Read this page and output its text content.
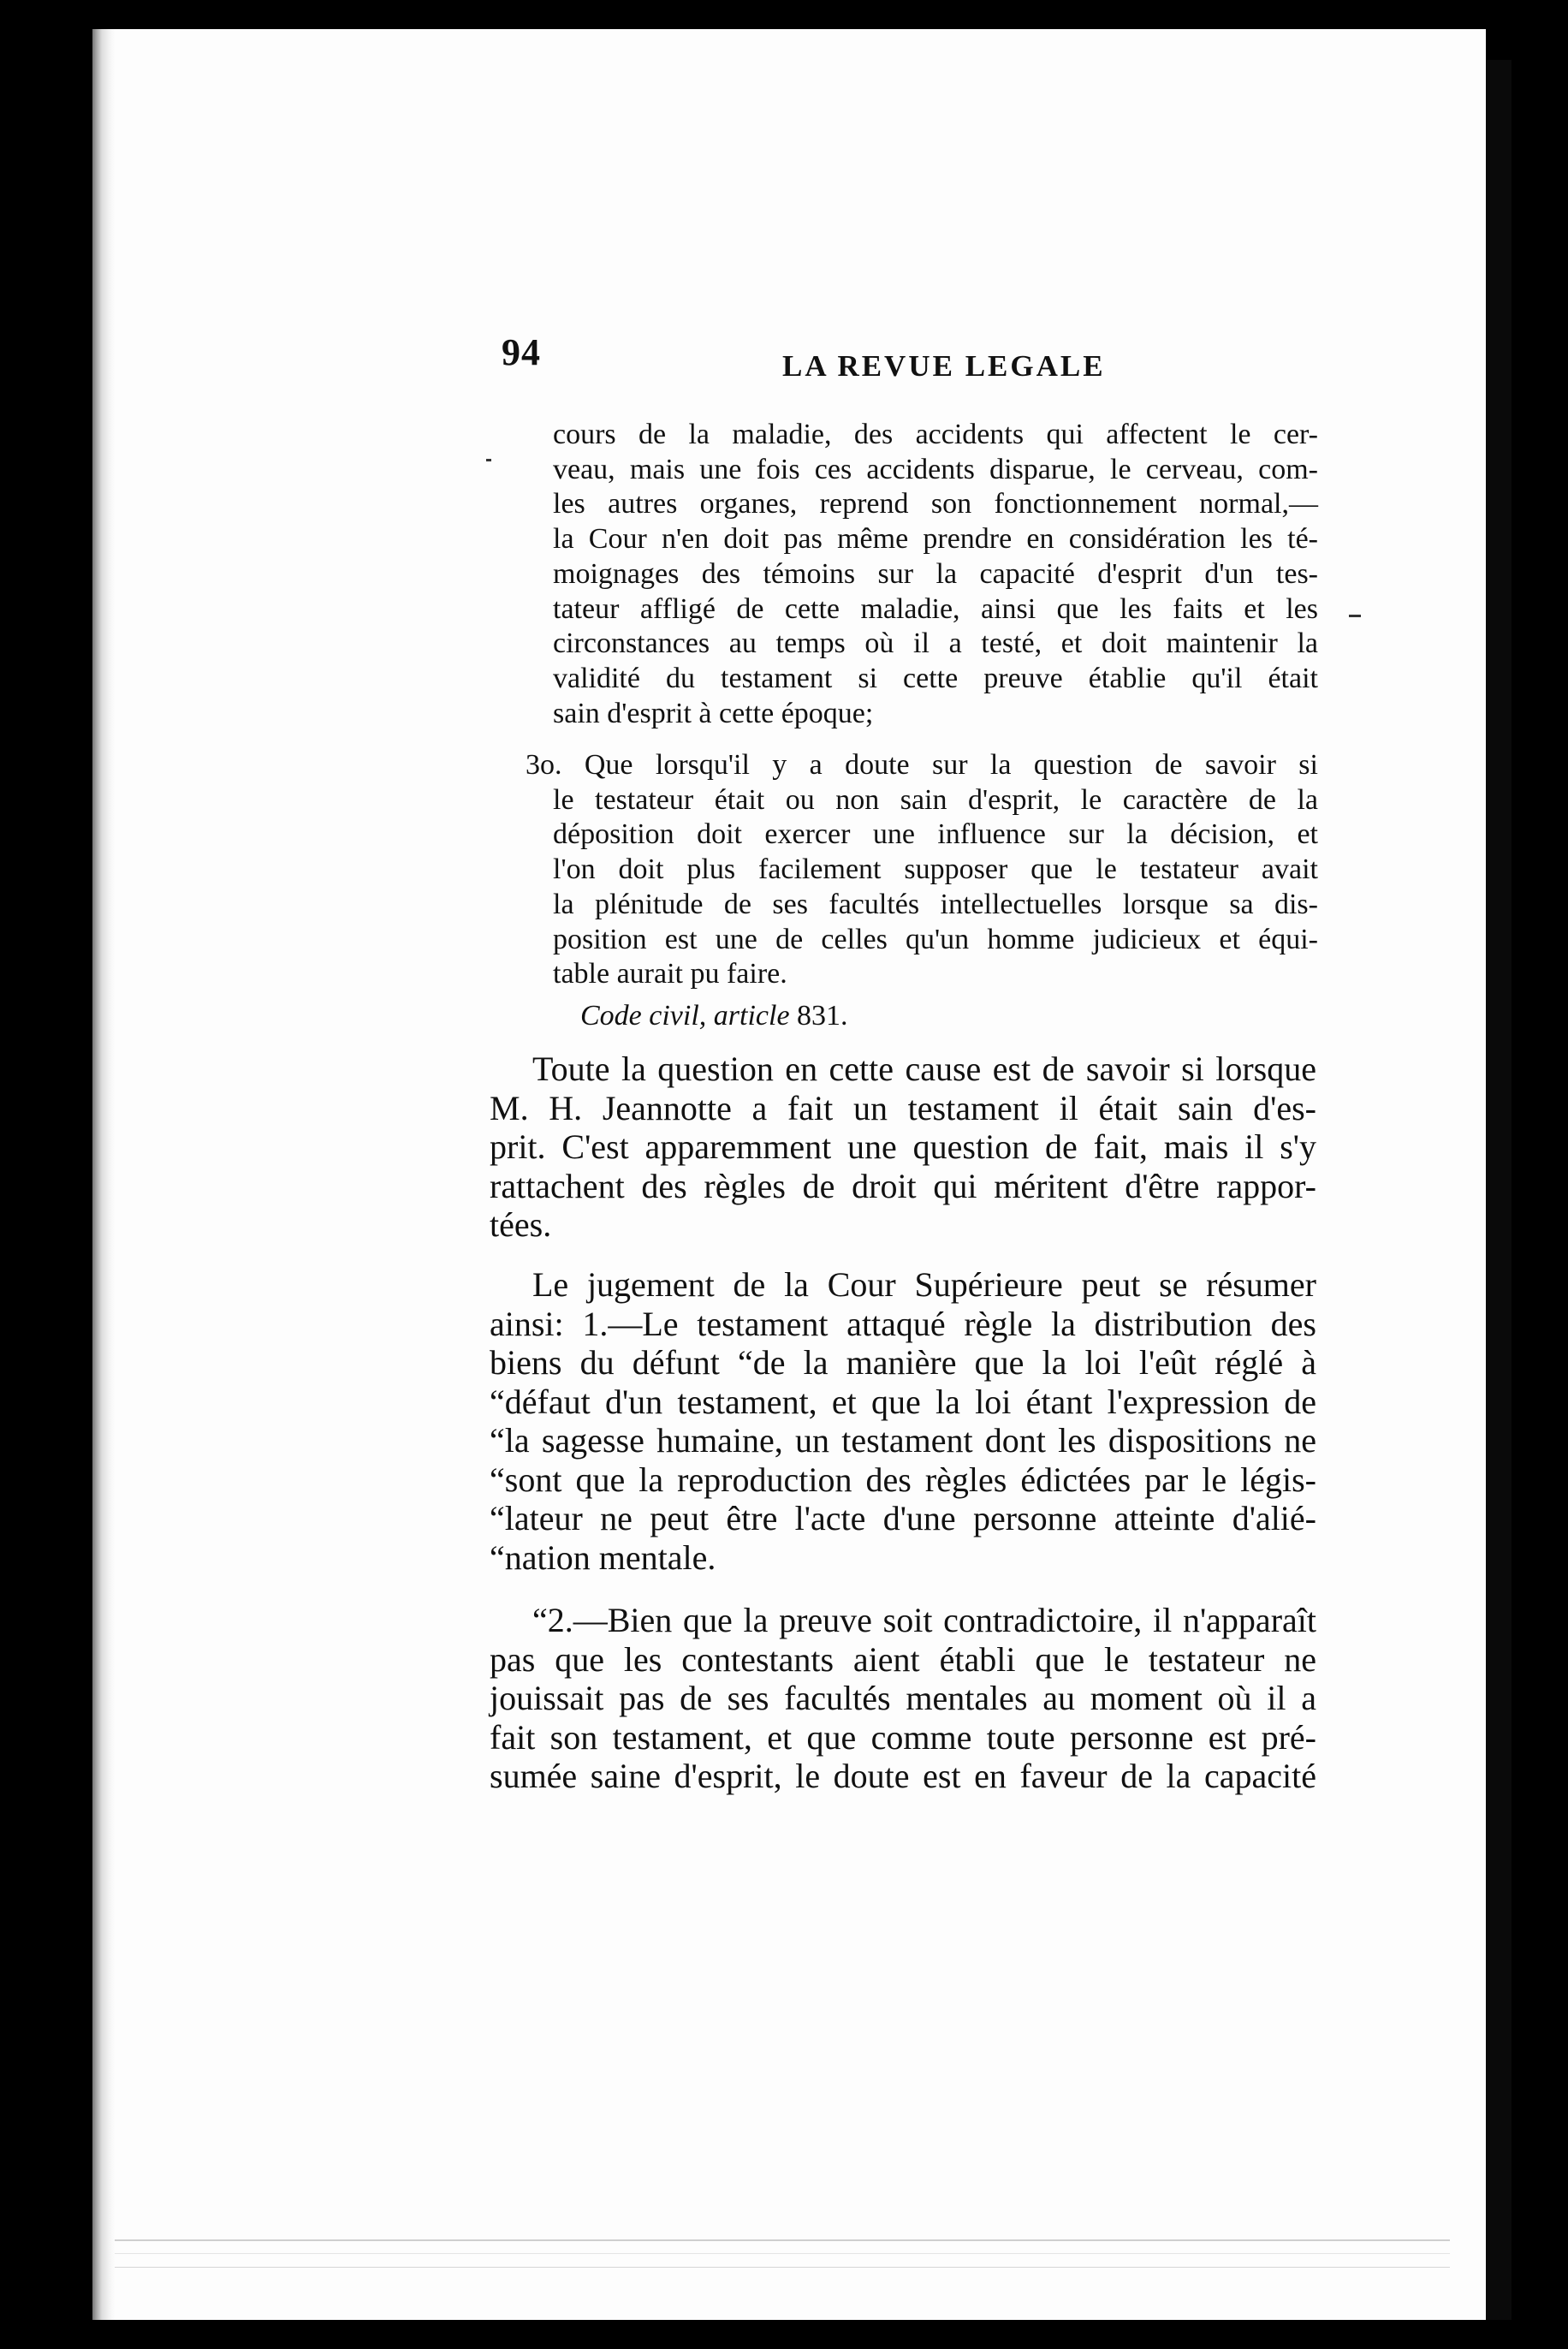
94	LA REVUE LEGALE
cours de la maladie, des accidents qui affectent le cer-
veau, mais une fois ces accidents disparue, le cerveau, com-
les autres organes, reprend son fonctionnement normal,—
la Cour n'en doit pas même prendre en considération les té-
moignages des témoins sur la capacité d'esprit d'un tes-
tateur affligé de cette maladie, ainsi que les faits et les
circonstances au temps où il a testé, et doit maintenir la
validité du testament si cette preuve établie qu'il était
sain d'esprit à cette époque;
3o. Que lorsqu'il y a doute sur la question de savoir si
le testateur était ou non sain d'esprit, le caractère de la
déposition doit exercer une influence sur la décision, et
l'on doit plus facilement supposer que le testateur avait
la plénitude de ses facultés intellectuelles lorsque sa dis-
position est une de celles qu'un homme judicieux et équi-
table aurait pu faire.
Code civil, article 831.
Toute la question en cette cause est de savoir si lorsque
M. H. Jeannotte a fait un testament il était sain d'es-
prit. C'est apparemment une question de fait, mais il s'y
rattachent des règles de droit qui méritent d'être rappor-
tées.
Le jugement de la Cour Supérieure peut se résumer
ainsi: 1.—Le testament attaqué règle la distribution des
biens du défunt “de la manière que la loi l'eût réglé à
“défaut d'un testament, et que la loi étant l'expression de
“la sagesse humaine, un testament dont les dispositions ne
“sont que la reproduction des règles édictées par le légis-
“lateur ne peut être l'acte d'une personne atteinte d'alié-
“nation mentale.
“2.—Bien que la preuve soit contradictoire, il n'apparaît
pas que les contestants aient établi que le testateur ne
jouissait pas de ses facultés mentales au moment où il a
fait son testament, et que comme toute personne est pré-
sumée saine d'esprit, le doute est en faveur de la capacité
